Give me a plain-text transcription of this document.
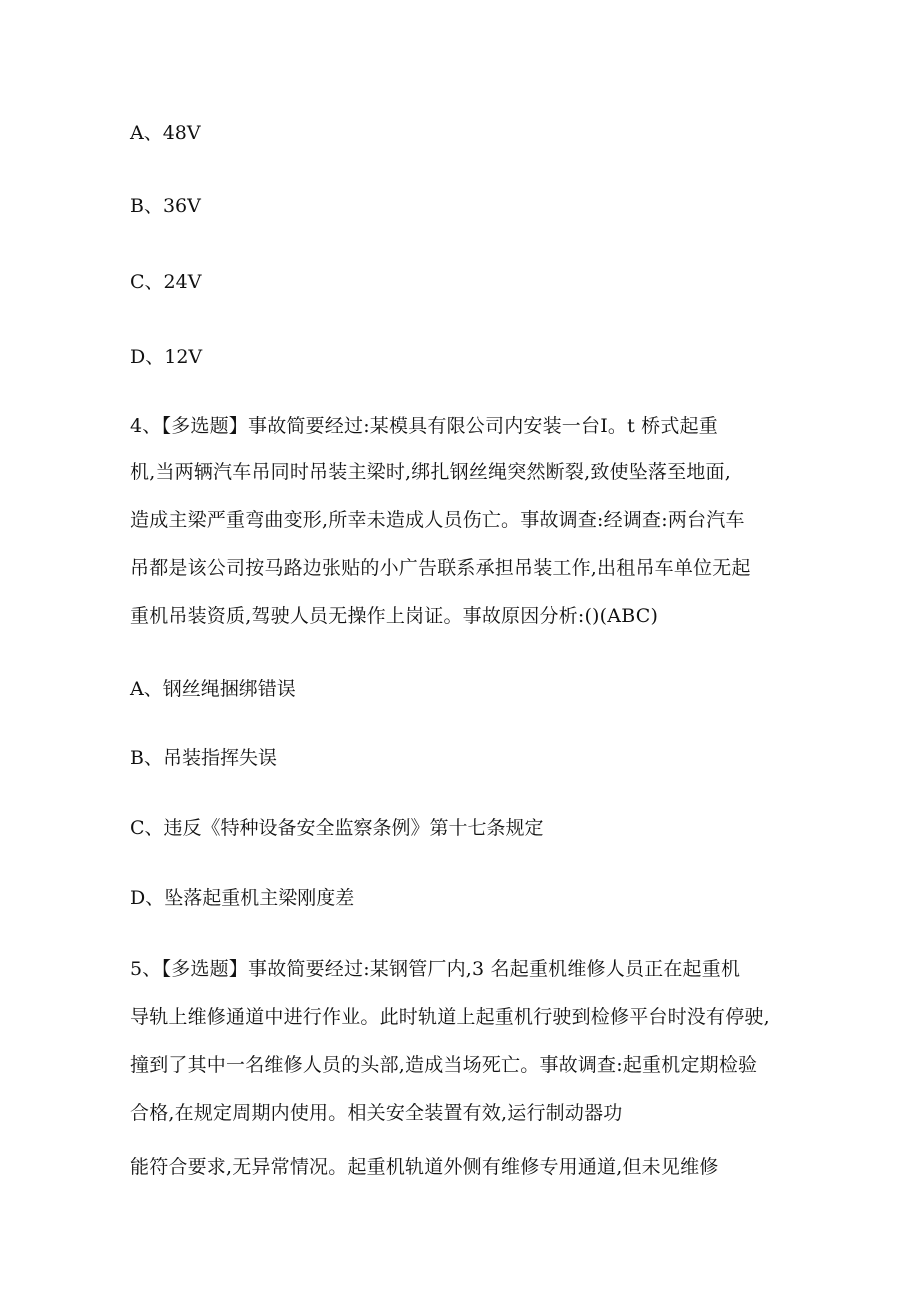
A、48V
B、36V
C、24V
D、12V
4、【多选题】事故简要经过:某模具有限公司内安装一台Ⅰ。t 桥式起重
机,当两辆汽车吊同时吊装主梁时,绑扎钢丝绳突然断裂,致使坠落至地面,
造成主梁严重弯曲变形,所幸未造成人员伤亡。事故调查:经调查:两台汽车
吊都是该公司按马路边张贴的小广告联系承担吊装工作,出租吊车单位无起
重机吊装资质,驾驶人员无操作上岗证。事故原因分析:()(ABC)
A、钢丝绳捆绑错误
B、吊装指挥失误
C、违反《特种设备安全监察条例》第十七条规定
D、坠落起重机主梁刚度差
5、【多选题】事故简要经过:某钢管厂内,3 名起重机维修人员正在起重机
导轨上维修通道中进行作业。此时轨道上起重机行驶到检修平台时没有停驶,
撞到了其中一名维修人员的头部,造成当场死亡。事故调查:起重机定期检验
合格,在规定周期内使用。相关安全装置有效,运行制动器功
能符合要求,无异常情况。起重机轨道外侧有维修专用通道,但未见维修
